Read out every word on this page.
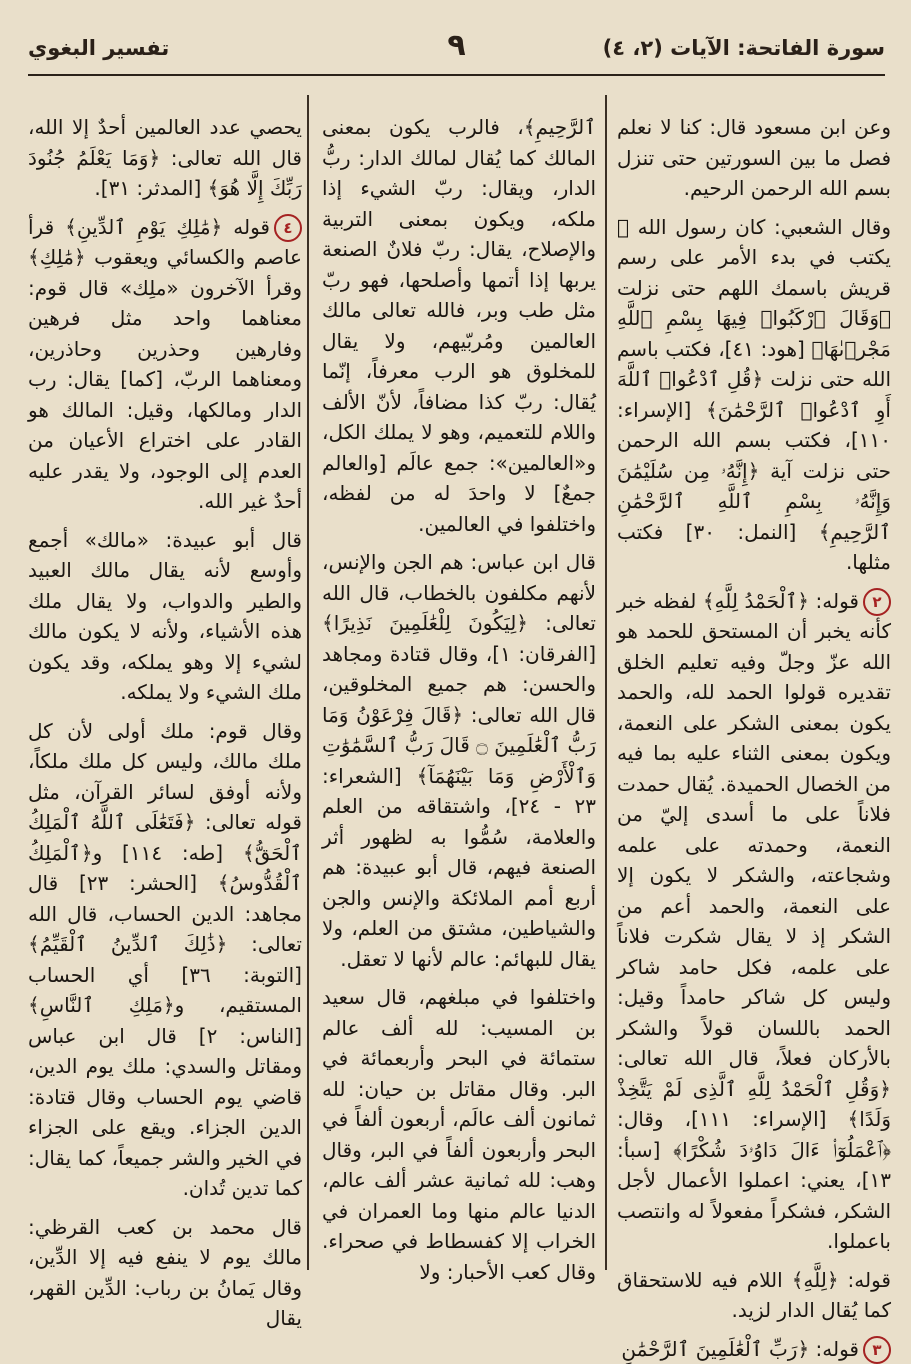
سورة الفاتحة: الآيات (٢، ٤)
٩
تفسير البغوي

وعن ابن مسعود قال: كنا لا نعلم فصل ما بين السورتين حتى تنزل بسم الله الرحمن الرحيم.

وقال الشعبي: كان رسول الله ﷺ يكتب في بدء الأمر على رسم قريش باسمك اللهم حتى نزلت ﴿وَقَالَ ٱرْكَبُوا۟ فِيهَا بِسْمِ ٱللَّهِ مَجْر۪ىٰهَا﴾ [هود: ٤١]، فكتب باسم الله حتى نزلت ﴿قُلِ ٱدْعُوا۟ ٱللَّهَ أَوِ ٱدْعُوا۟ ٱلرَّحْمَٰنَ﴾ [الإسراء: ١١٠]، فكتب بسم الله الرحمن حتى نزلت آية ﴿إِنَّهُۥ مِن سُلَيْمَٰنَ وَإِنَّهُۥ بِسْمِ ٱللَّهِ ٱلرَّحْمَٰنِ ٱلرَّحِيمِ﴾ [النمل: ٣٠] فكتب مثلها.

٢قوله: ﴿ٱلْحَمْدُ لِلَّهِ﴾ لفظه خبر كأنه يخبر أن المستحق للحمد هو الله عزّ وجلّ وفيه تعليم الخلق تقديره قولوا الحمد لله، والحمد يكون بمعنى الشكر على النعمة، ويكون بمعنى الثناء عليه بما فيه من الخصال الحميدة. يُقال حمدت فلاناً على ما أسدى إليّ من النعمة، وحمدته على علمه وشجاعته، والشكر لا يكون إلا على النعمة، والحمد أعم من الشكر إذ لا يقال شكرت فلاناً على علمه، فكل حامد شاكر وليس كل شاكر حامداً وقيل: الحمد باللسان قولاً والشكر بالأركان فعلاً، قال الله تعالى: ﴿وَقُلِ ٱلْحَمْدُ لِلَّهِ ٱلَّذِى لَمْ يَتَّخِذْ وَلَدًا﴾ [الإسراء: ١١١]، وقال: ﴿ٱعْمَلُوٓا۟ ءَالَ دَاوُۥدَ شُكْرًا﴾ [سبأ: ١٣]، يعني: اعملوا الأعمال لأجل الشكر، فشكراً مفعولاً له وانتصب باعملوا.

قوله: ﴿لِلَّهِ﴾ اللام فيه للاستحقاق كما يُقال الدار لزيد.

٣قوله: ﴿رَبِّ ٱلْعَٰلَمِينَ ٱلرَّحْمَٰنِ

ٱلرَّحِيمِ﴾، فالرب يكون بمعنى المالك كما يُقال لمالك الدار: ربُّ الدار، ويقال: ربّ الشيء إذا ملكه، ويكون بمعنى التربية والإصلاح، يقال: ربّ فلانٌ الصنعة يربها إذا أتمها وأصلحها، فهو ربّ مثل طب وبر، فالله تعالى مالك العالمين ومُربّيهم، ولا يقال للمخلوق هو الرب معرفاً، إنّما يُقال: ربّ كذا مضافاً، لأنّ الألف واللام للتعميم، وهو لا يملك الكل، و«العالمين»: جمع عالَم [والعالم جمعٌ] لا واحدَ له من لفظه، واختلفوا في العالمين.

قال ابن عباس: هم الجن والإنس، لأنهم مكلفون بالخطاب، قال الله تعالى: ﴿لِيَكُونَ لِلْعَٰلَمِينَ نَذِيرًا﴾ [الفرقان: ١]، وقال قتادة ومجاهد والحسن: هم جميع المخلوقين، قال الله تعالى: ﴿قَالَ فِرْعَوْنُ وَمَا رَبُّ ٱلْعَٰلَمِينَ ۝ قَالَ رَبُّ ٱلسَّمَٰوَٰتِ وَٱلْأَرْضِ وَمَا بَيْنَهُمَآ﴾ [الشعراء: ٢٣ - ٢٤]، واشتقاقه من العلم والعلامة، سُمُّوا به لظهور أثر الصنعة فيهم، قال أبو عبيدة: هم أربع أمم الملائكة والإنس والجن والشياطين، مشتق من العلم، ولا يقال للبهائم: عالم لأنها لا تعقل.

واختلفوا في مبلغهم، قال سعيد بن المسيب: لله ألف عالم ستمائة في البحر وأربعمائة في البر. وقال مقاتل بن حيان: لله ثمانون ألف عالَم، أربعون ألفاً في البحر وأربعون ألفاً في البر، وقال وهب: لله ثمانية عشر ألف عالم، الدنيا عالم منها وما العمران في الخراب إلا كفسطاط في صحراء. وقال كعب الأحبار: ولا

يحصي عدد العالمين أحدٌ إلا الله، قال الله تعالى: ﴿وَمَا يَعْلَمُ جُنُودَ رَبِّكَ إِلَّا هُوَ﴾ [المدثر: ٣١].

٤قوله ﴿مَٰلِكِ يَوْمِ ٱلدِّينِ﴾ قرأ عاصم والكسائي ويعقوب ﴿مَٰلِكِ﴾ وقرأ الآخرون «ملِك» قال قوم: معناهما واحد مثل فرهين وفارهين وحذرين وحاذرين، ومعناهما الربّ، [كما] يقال: رب الدار ومالكها، وقيل: المالك هو القادر على اختراع الأعيان من العدم إلى الوجود، ولا يقدر عليه أحدٌ غير الله.

قال أبو عبيدة: «مالك» أجمع وأوسع لأنه يقال مالك العبيد والطير والدواب، ولا يقال ملك هذه الأشياء، ولأنه لا يكون مالك لشيء إلا وهو يملكه، وقد يكون ملك الشيء ولا يملكه.

وقال قوم: ملك أولى لأن كل ملك مالك، وليس كل ملك ملكاً، ولأنه أوفق لسائر القرآن، مثل قوله تعالى: ﴿فَتَعَٰلَى ٱللَّهُ ٱلْمَلِكُ ٱلْحَقُّ﴾ [طه: ١١٤] و﴿ٱلْمَلِكُ ٱلْقُدُّوسُ﴾ [الحشر: ٢٣] قال مجاهد: الدين الحساب، قال الله تعالى: ﴿ذَٰلِكَ ٱلدِّينُ ٱلْقَيِّمُ﴾ [التوبة: ٣٦] أي الحساب المستقيم، و﴿مَلِكِ ٱلنَّاسِ﴾ [الناس: ٢] قال ابن عباس ومقاتل والسدي: ملك يوم الدين، قاضي يوم الحساب وقال قتادة: الدين الجزاء. ويقع على الجزاء في الخير والشر جميعاً، كما يقال: كما تدين تُدان.

قال محمد بن كعب القرظي: مالك يوم لا ينفع فيه إلا الدِّين، وقال يَمانُ بن رباب: الدِّين القهر، يقال
